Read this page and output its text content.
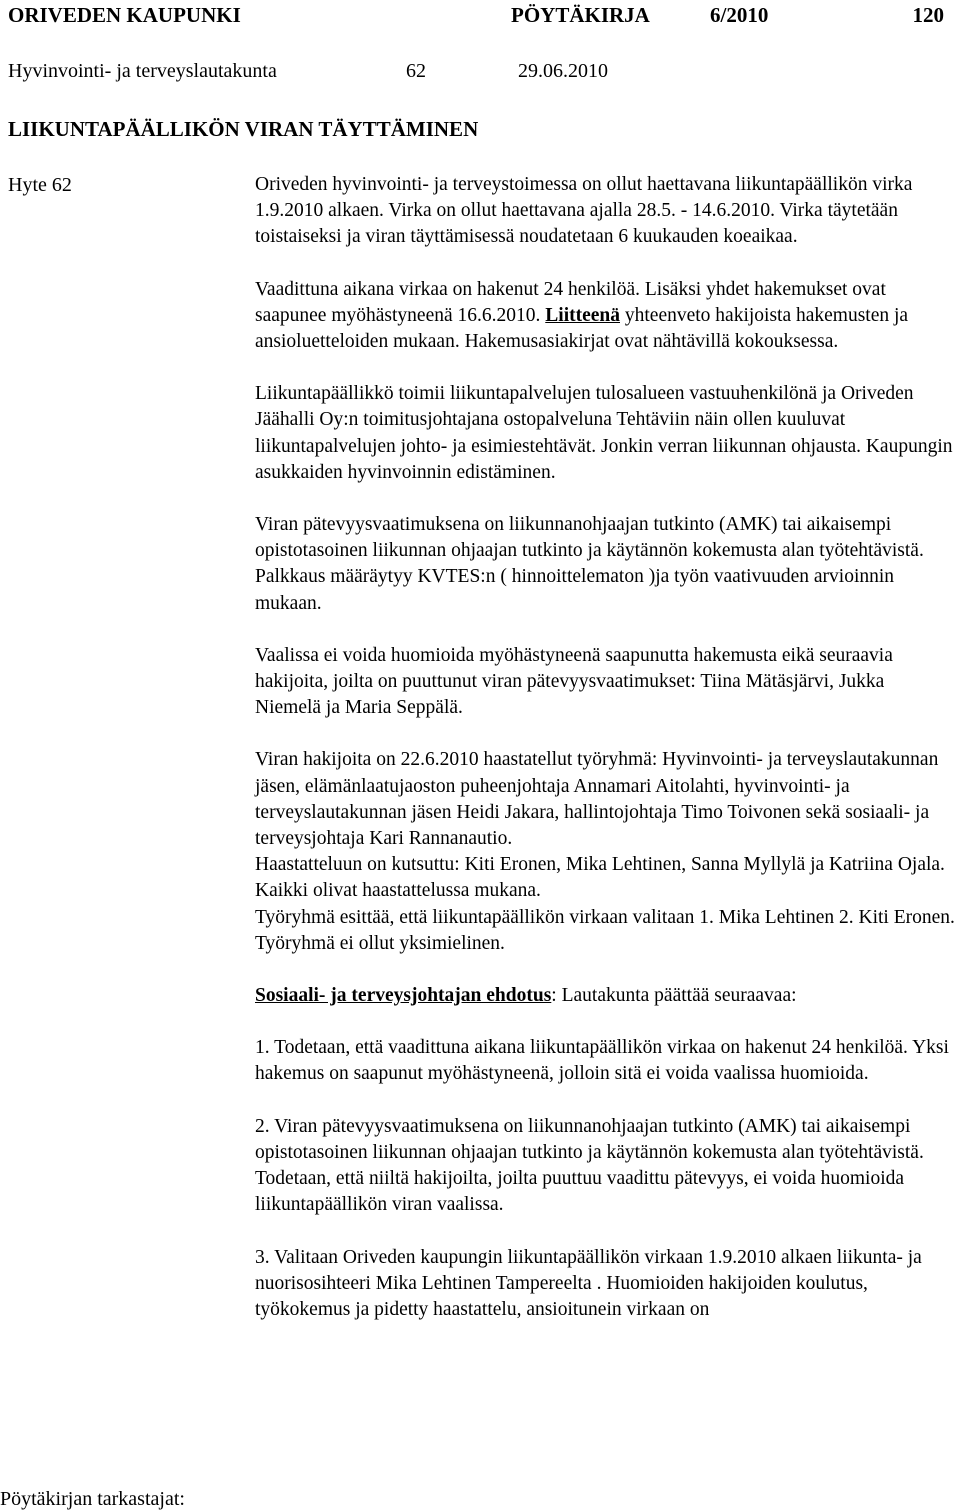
ORIVEDEN KAUPUNKI	PÖYTÄKIRJA	6/2010	120
Hyvinvointi- ja terveyslautakunta	62	29.06.2010
LIIKUNTAPÄÄLLIKÖN VIRAN TÄYTTÄMINEN
Hyte 62	Oriveden hyvinvointi- ja terveystoimessa on ollut haettavana liikuntapäällikön virka 1.9.2010 alkaen. Virka on ollut haettavana ajalla 28.5. - 14.6.2010. Virka täytetään toistaiseksi ja viran täyttämisessä noudatetaan 6 kuukauden koeaikaa.

Vaadittuna aikana virkaa on hakenut 24 henkilöä. Lisäksi yhdet hakemukset ovat saapunee myöhästyneenä 16.6.2010. Liitteenä yhteenveto hakijoista hakemusten ja ansioluetteloiden mukaan. Hakemusasiakirjat ovat nähtävillä kokouksessa.

Liikuntapäällikkö toimii liikuntapalvelujen tulosalueen vastuuhenkilönä ja Oriveden Jäähalli Oy:n toimitusjohtajana ostopalveluna Tehtäviin näin ollen kuuluvat liikuntapalvelujen johto- ja esimiestehtävät. Jonkin verran liikunnan ohjausta. Kaupungin asukkaiden hyvinvoinnin edistäminen.

Viran pätevyysvaatimuksena on liikunnanohjaajan tutkinto (AMK) tai aikaisempi opistotasoinen liikunnan ohjaajan tutkinto ja käytännön kokemusta alan työtehtävistä. Palkkaus määräytyy KVTES:n ( hinnoittelematon )ja työn vaativuuden arvioinnin mukaan.

Vaalissa ei voida huomioida myöhästyneenä saapunutta hakemusta eikä seuraavia hakijoita, joilta on puuttunut viran pätevyysvaatimukset: Tiina Mätäsjärvi, Jukka Niemelä ja Maria Seppälä.

Viran hakijoita on 22.6.2010 haastatellut työryhmä: Hyvinvointi- ja terveyslautakunnan jäsen, elämänlaatujaoston puheenjohtaja Annamari Aitolahti, hyvinvointi- ja terveyslautakunnan jäsen Heidi Jakara, hallintojohtaja Timo Toivonen sekä sosiaali- ja terveysjohtaja Kari Rannanautio.

Haastatteluun on kutsuttu: Kiti Eronen, Mika Lehtinen, Sanna Myllylä ja Katriina Ojala. Kaikki olivat haastattelussa mukana.

Työryhmä esittää, että liikuntapäällikön virkaan valitaan 1. Mika Lehtinen 2. Kiti Eronen. Työryhmä ei ollut yksimielinen.

Sosiaali- ja terveysjohtajan ehdotus: Lautakunta päättää seuraavaa:

1. Todetaan, että vaadittuna aikana liikuntapäällikön virkaa on hakenut 24 henkilöä. Yksi hakemus on saapunut myöhästyneenä, jolloin sitä ei voida vaalissa huomioida.

2. Viran pätevyysvaatimuksena on liikunnanohjaajan tutkinto (AMK) tai aikaisempi opistotasoinen liikunnan ohjaajan tutkinto ja käytännön kokemusta alan työtehtävistä. Todetaan, että niiltä hakijoilta, joilta puuttuu vaadittu pätevyys, ei voida huomioida liikuntapäällikön viran vaalissa.

3. Valitaan Oriveden kaupungin liikuntapäällikön virkaan 1.9.2010 alkaen liikunta- ja nuorisosihteeri Mika Lehtinen Tampereelta . Huomioiden hakijoiden koulutus, työkokemus ja pidetty haastattelu, ansioitunein virkaan on

Pöytäkirjan tarkastajat:
